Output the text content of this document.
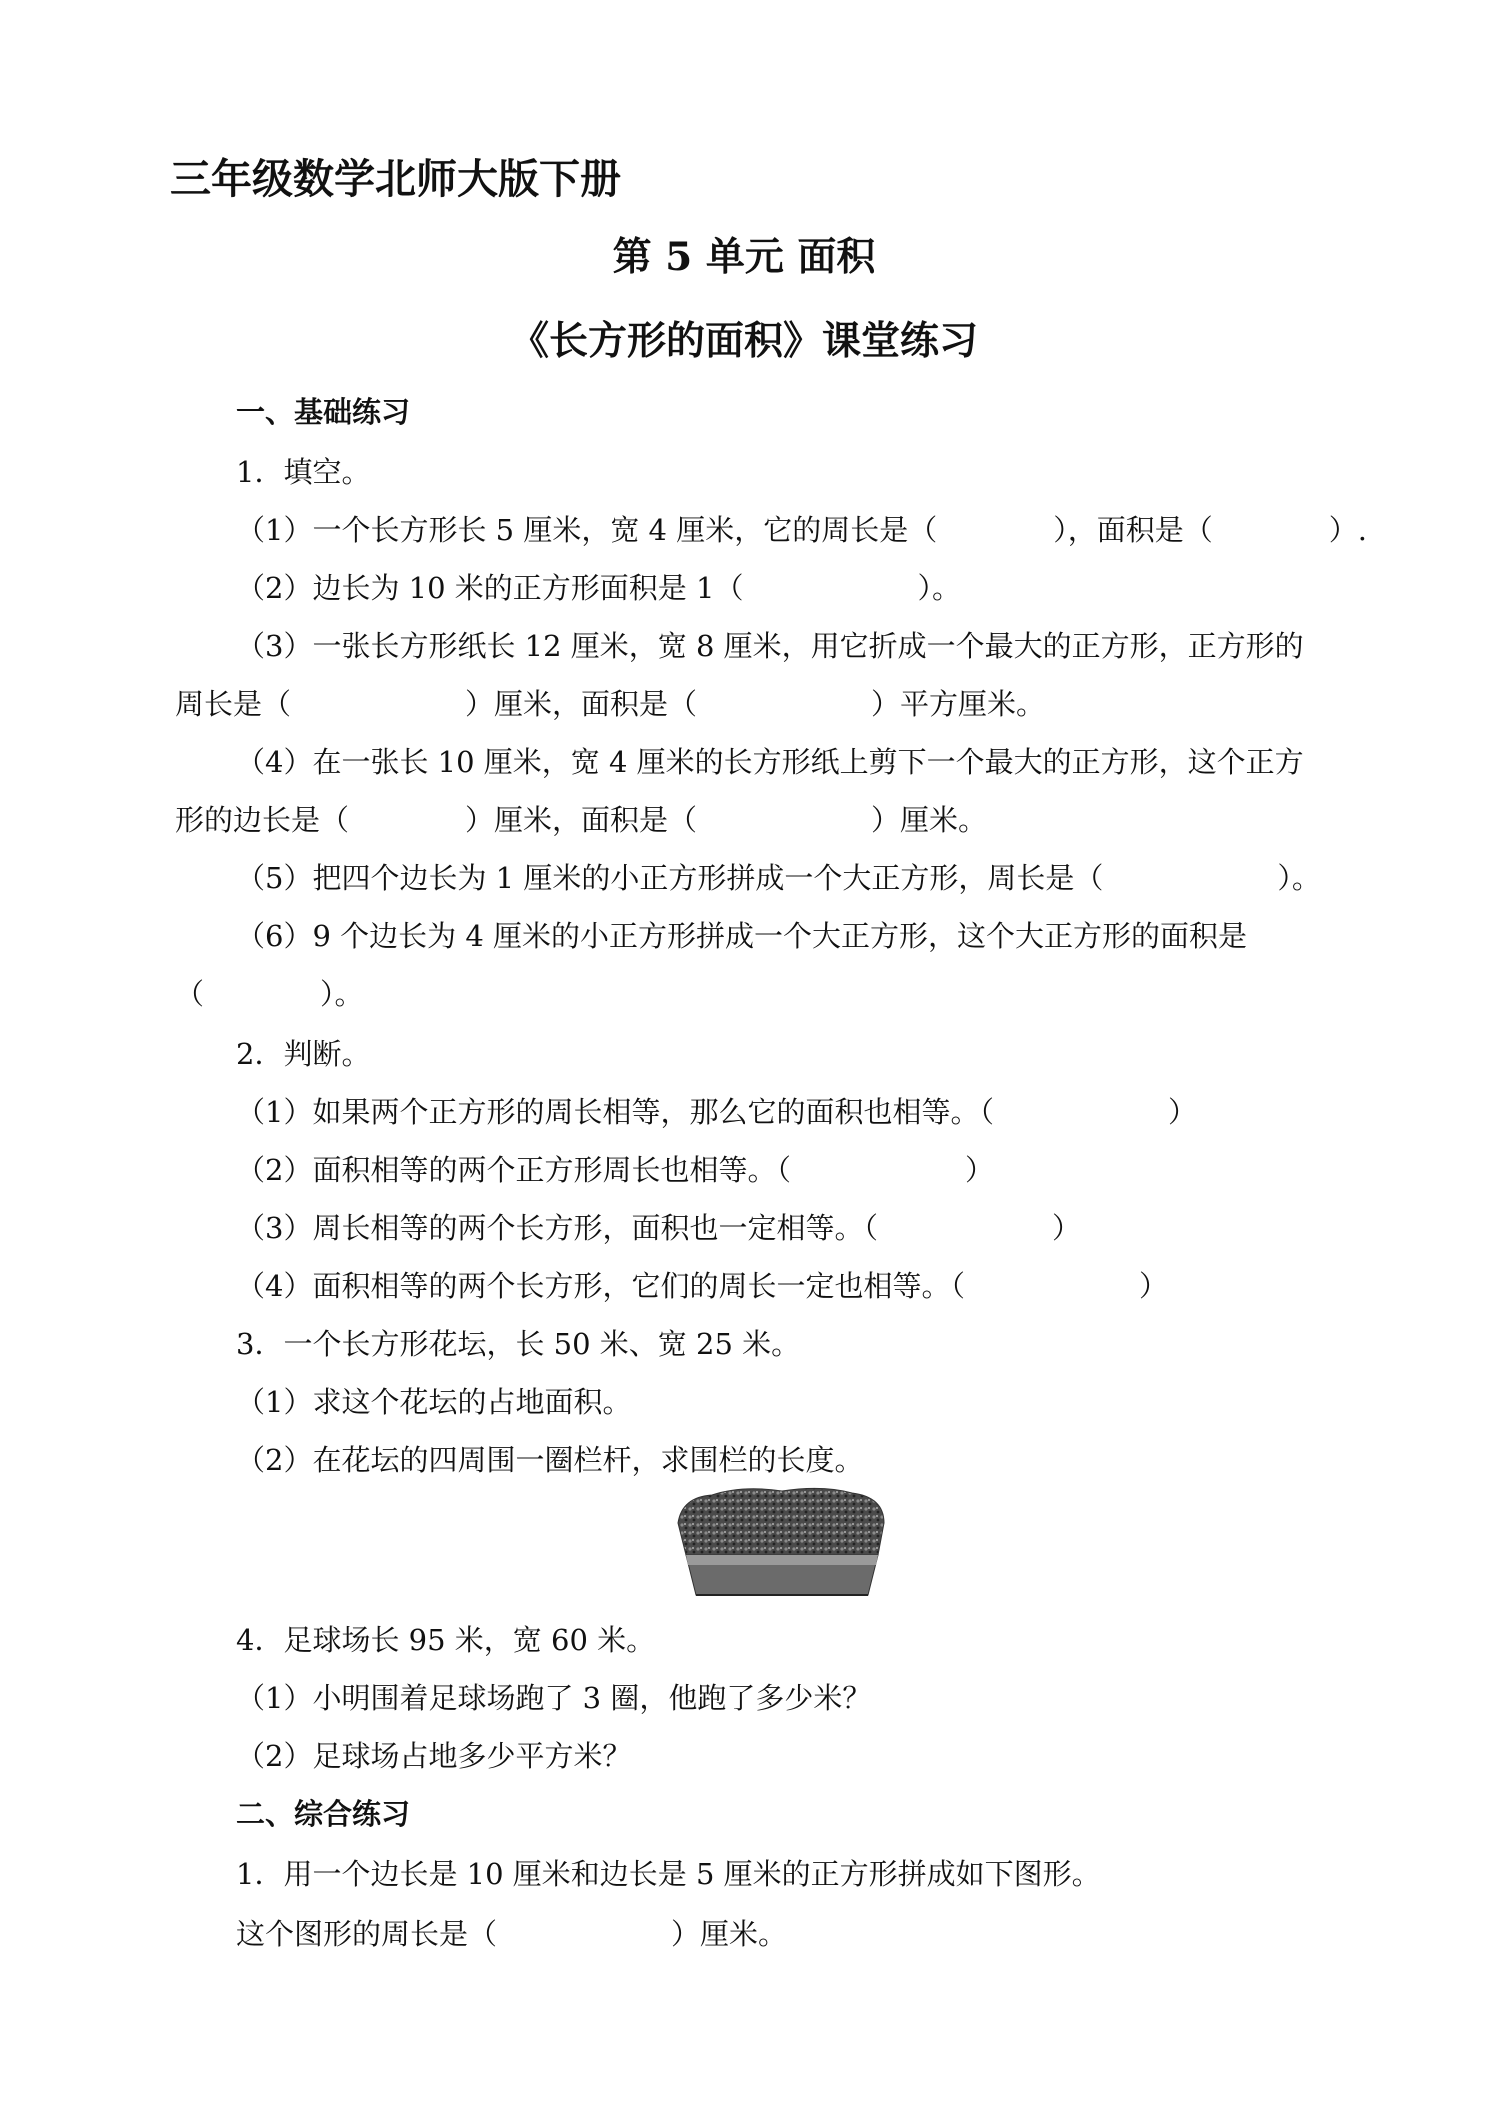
三年级数学北师大版下册
第 5 单元 面积
《长方形的面积》课堂练习
一、基础练习
1．填空。
（1）一个长方形长 5 厘米，宽 4 厘米，它的周长是（　　　　），面积是（　　　　）.
（2）边长为 10 米的正方形面积是 1（　　　　　　）。
（3）一张长方形纸长 12 厘米，宽 8 厘米，用它折成一个最大的正方形，正方形的
周长是（　　　　　　）厘米，面积是（　　　　　　）平方厘米。
（4）在一张长 10 厘米，宽 4 厘米的长方形纸上剪下一个最大的正方形，这个正方
形的边长是（　　　　）厘米，面积是（　　　　　　）厘米。
（5）把四个边长为 1 厘米的小正方形拼成一个大正方形，周长是（　　　　　　）。
（6）9 个边长为 4 厘米的小正方形拼成一个大正方形，这个大正方形的面积是
（　　　　）。
2．判断。
（1）如果两个正方形的周长相等，那么它的面积也相等。（　　　　　　）
（2）面积相等的两个正方形周长也相等。（　　　　　　）
（3）周长相等的两个长方形，面积也一定相等。（　　　　　　）
（4）面积相等的两个长方形，它们的周长一定也相等。（　　　　　　）
3．一个长方形花坛，长 50 米、宽 25 米。
（1）求这个花坛的占地面积。
（2）在花坛的四周围一圈栏杆，求围栏的长度。
4．足球场长 95 米，宽 60 米。
（1）小明围着足球场跑了 3 圈，他跑了多少米？
（2）足球场占地多少平方米？
二、综合练习
1．用一个边长是 10 厘米和边长是 5 厘米的正方形拼成如下图形。
这个图形的周长是（　　　　　　）厘米。
